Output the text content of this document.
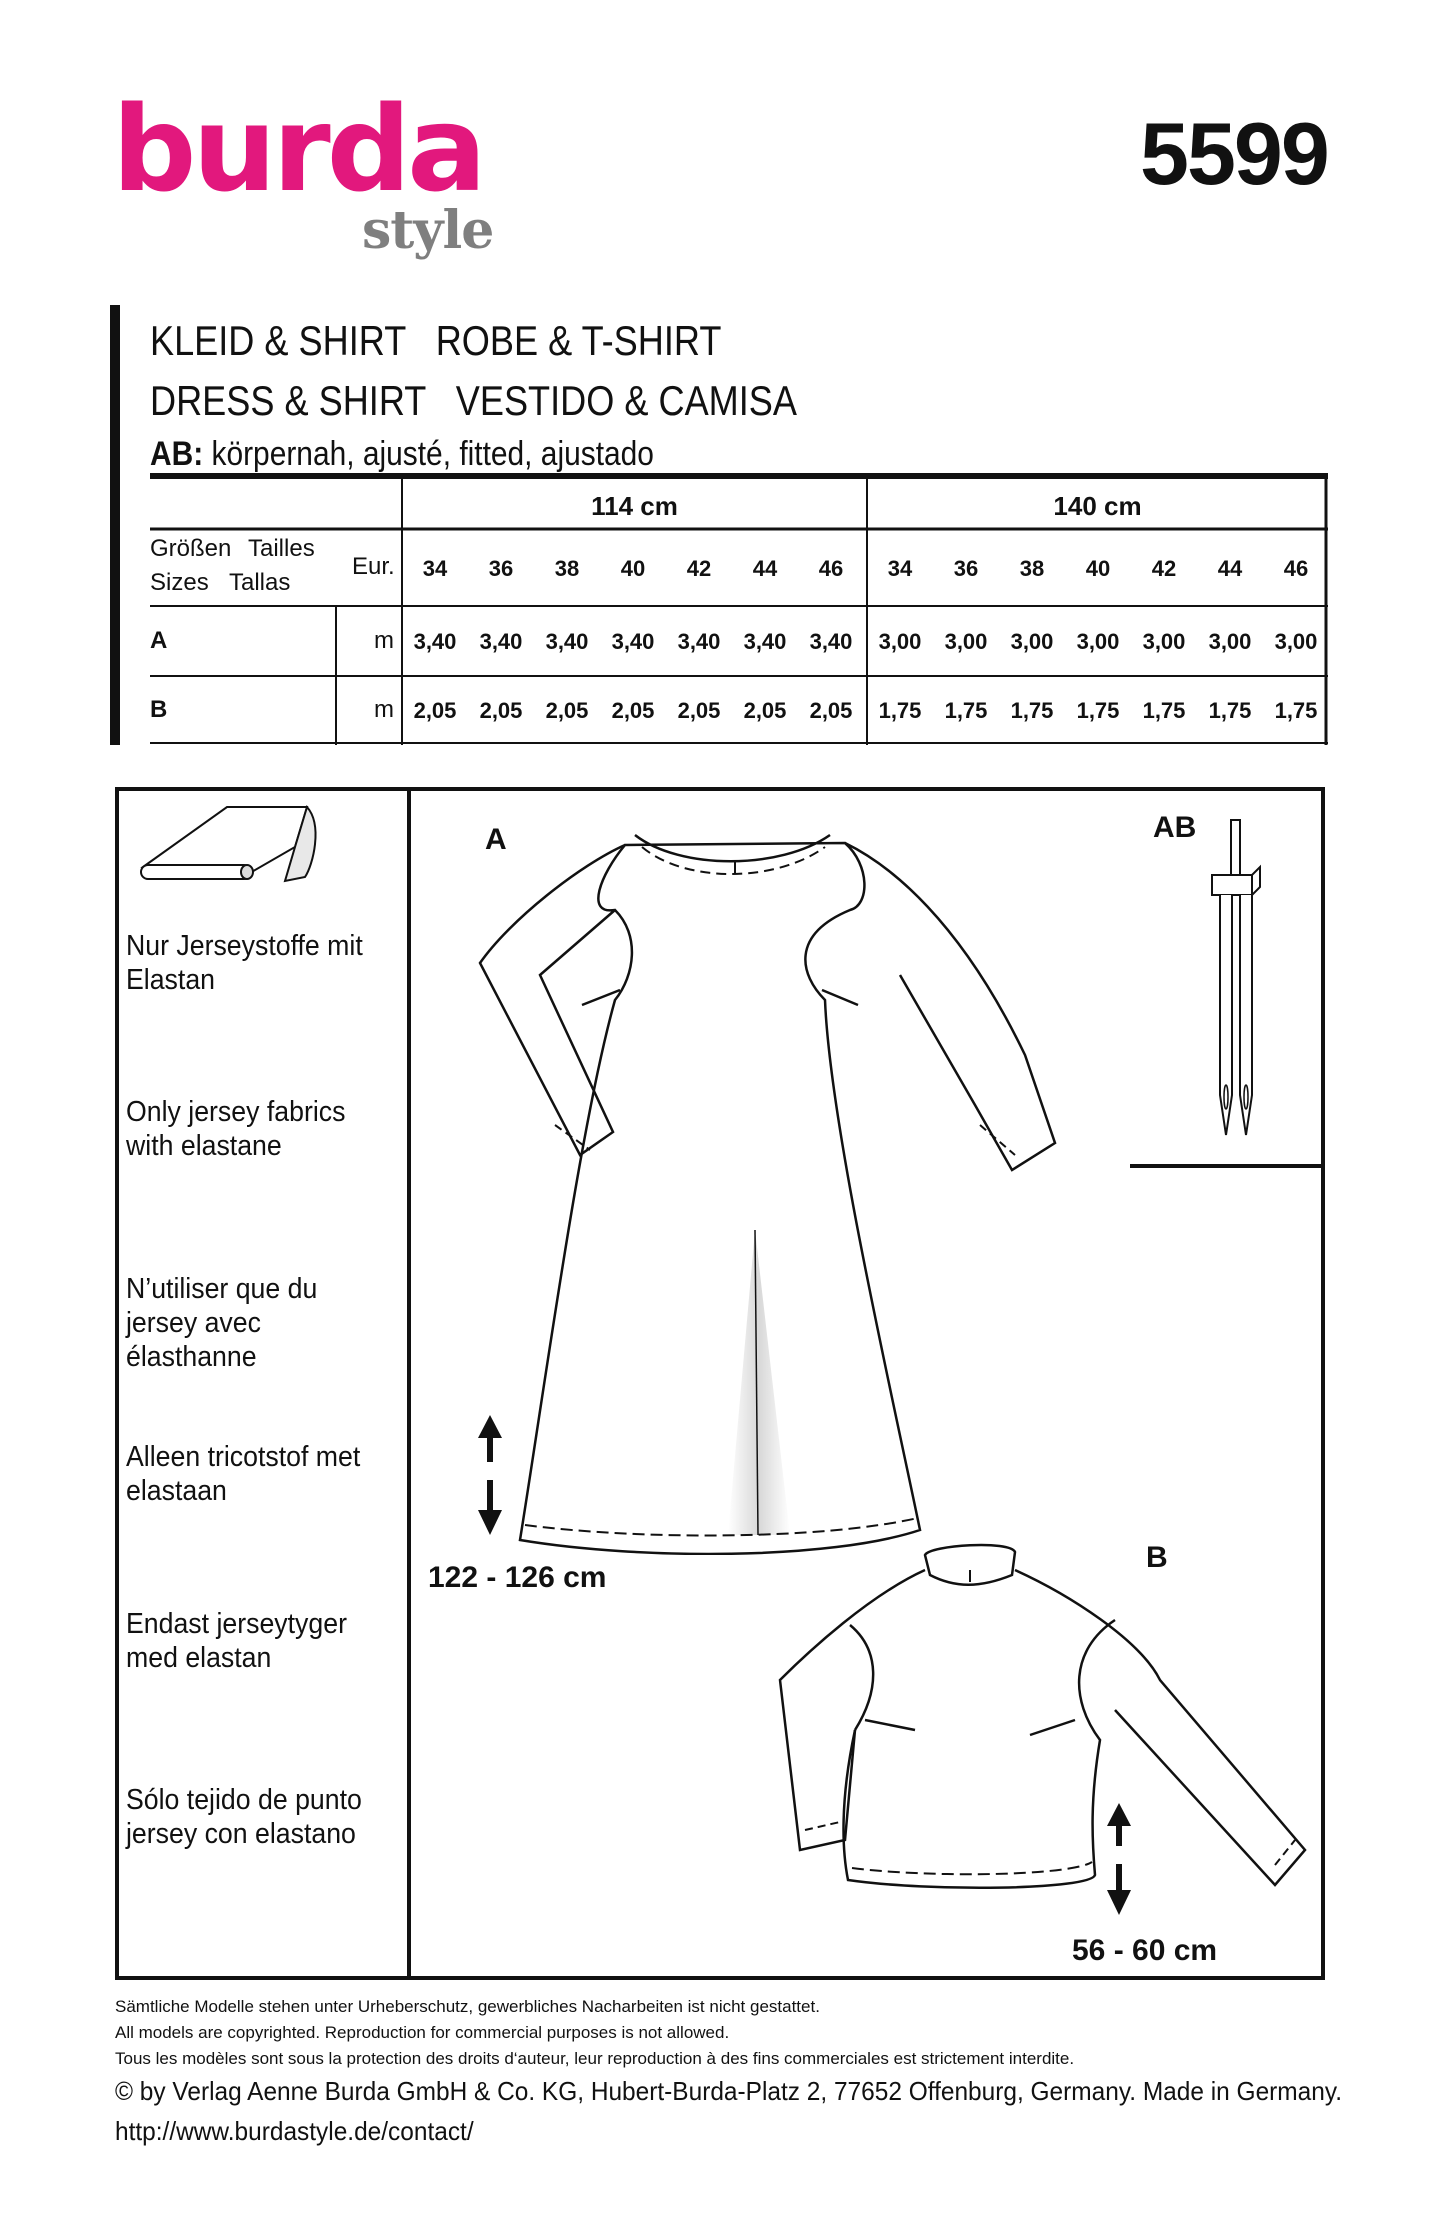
burda
style
5599
KLEID & SHIRT   ROBE & T-SHIRT
DRESS & SHIRT   VESTIDO & CAMISA
AB: körpernah, ajusté, fitted, ajustado
114 cm	140 cm
Größen Tailles
Sizes Tallas
Eur.	34	36	38	40	42	44	46	34	36	38	40	42	44	46
A	m 3,40	3,40	3,40	3,40	3,40	3,40	3,40	3,00	3,00	3,00	3,00	3,00	3,00	3,00
B	m 2,05	2,05	2,05	2,05	2,05	2,05	2,05	1,75	1,75	1,75	1,75	1,75	1,75	1,75
Nur Jerseystoffe mit Elastan
Only jersey fabrics with elastane
N’utiliser que du jersey avec élasthanne
Alleen tricotstof met elastaan
Endast jerseytyger med elastan
Sólo tejido de punto jersey con elastano
A	AB
B
122 - 126 cm
56 - 60 cm
Sämtliche Modelle stehen unter Urheberschutz, gewerbliches Nacharbeiten ist nicht gestattet.
All models are copyrighted. Reproduction for commercial purposes is not allowed.
Tous les modèles sont sous la protection des droits d‘auteur, leur reproduction à des fins commerciales est strictement interdite.
© by Verlag Aenne Burda GmbH & Co. KG, Hubert-Burda-Platz 2, 77652 Offenburg, Germany. Made in Germany.
http://www.burdastyle.de/contact/
